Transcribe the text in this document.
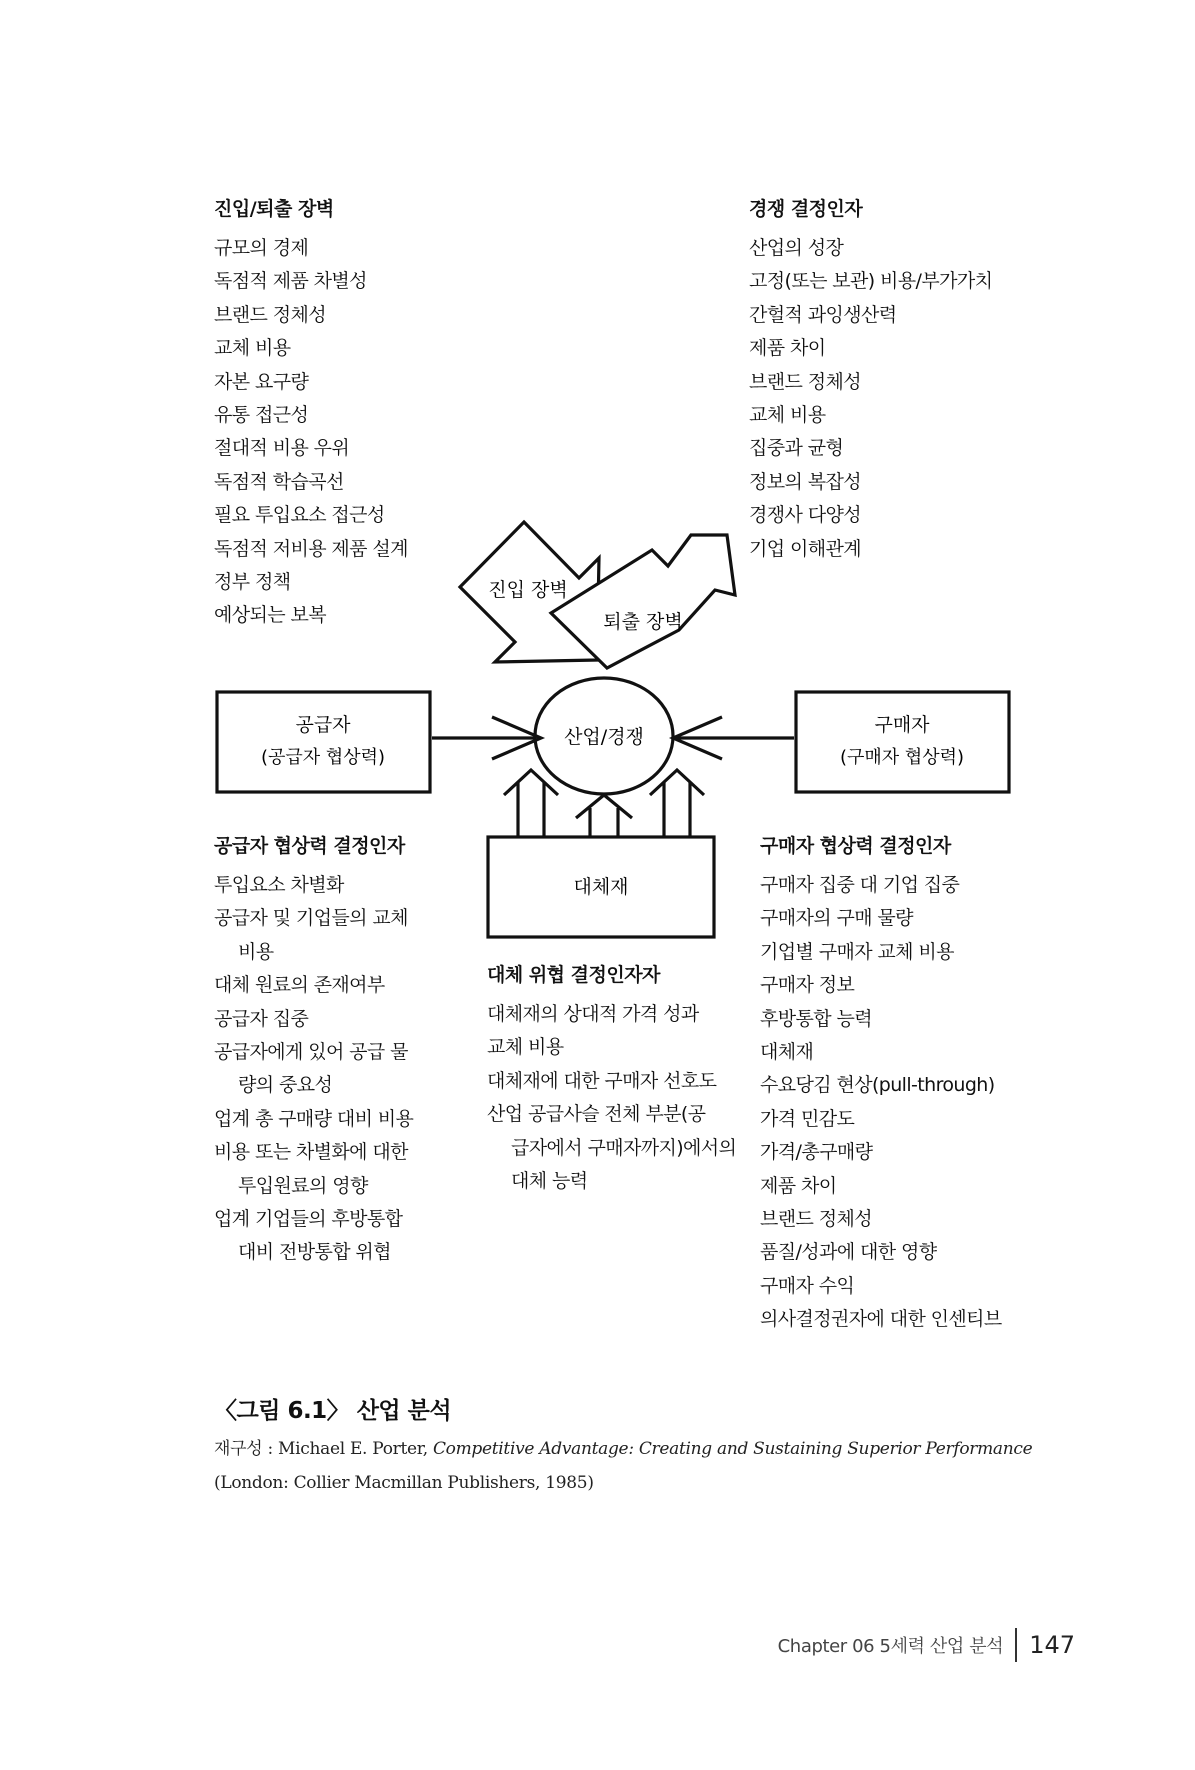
진입/퇴출 장벽
규모의 경제
독점적 제품 차별성
브랜드 정체성
교체 비용
자본 요구량
유통 접근성
절대적 비용 우위
독점적 학습곡선
필요 투입요소 접근성
독점적 저비용 제품 설계
정부 정책
예상되는 보복
경쟁 결정인자
산업의 성장
고정(또는 보관) 비용/부가가치
간헐적 과잉생산력
제품 차이
브랜드 정체성
교체 비용
집중과 균형
정보의 복잡성
경쟁사 다양성
기업 이해관계
진입 장벽
퇴출 장벽
공급자
(공급자 협상력)
구매자
(구매자 협상력)
산업/경쟁
대체재
공급자 협상력 결정인자
투입요소 차별화
공급자 및 기업들의 교체
비용
대체 원료의 존재여부
공급자 집중
공급자에게 있어 공급 물
량의 중요성
업계 총 구매량 대비 비용
비용 또는 차별화에 대한
투입원료의 영향
업계 기업들의 후방통합
대비 전방통합 위협
대체 위협 결정인자자
대체재의 상대적 가격 성과
교체 비용
대체재에 대한 구매자 선호도
산업 공급사슬 전체 부분(공
급자에서 구매자까지)에서의
대체 능력
구매자 협상력 결정인자
구매자 집중 대 기업 집중
구매자의 구매 물량
기업별 구매자 교체 비용
구매자 정보
후방통합 능력
대체재
수요당김 현상(pull-through)
가격 민감도
가격/총구매량
제품 차이
브랜드 정체성
품질/성과에 대한 영향
구매자 수익
의사결정권자에 대한 인센티브
〈그림 6.1〉 산업 분석
재구성 : Michael E. Porter, Competitive Advantage: Creating and Sustaining Superior Performance
(London: Collier Macmillan Publishers, 1985)
Chapter 06 5세력 산업 분석 147
